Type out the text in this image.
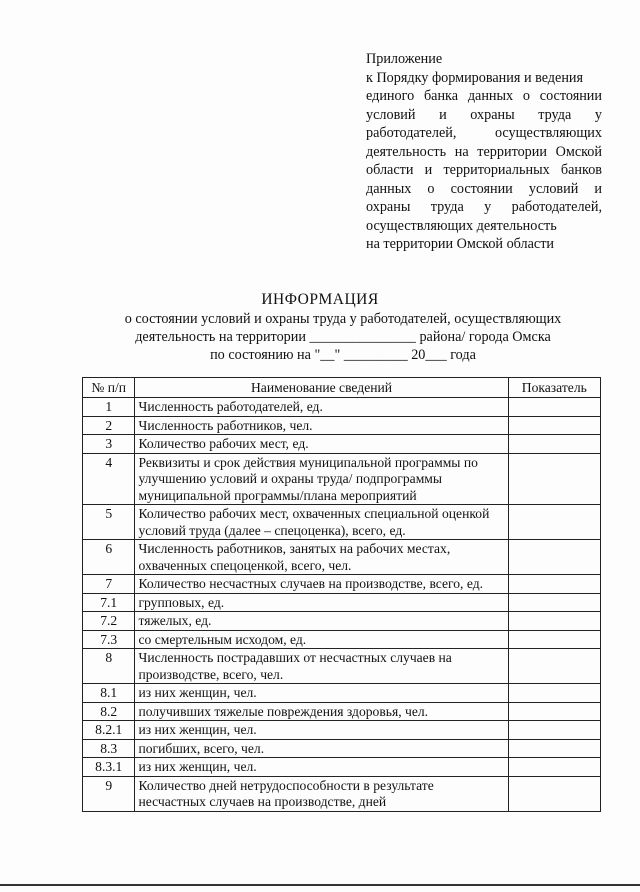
Приложение
к Порядку формирования и ведения
единого банка данных о состоянии
условий и охраны труда у
работодателей, осуществляющих
деятельность на территории Омской
области и территориальных банков
данных о состоянии условий и
охраны труда у работодателей,
осуществляющих деятельность
на территории Омской области
ИНФОРМАЦИЯ
о состоянии условий и охраны труда у работодателей, осуществляющих
деятельность на территории _______________ района/ города Омска
по состоянию на "__" _________ 20___ года
№ п/п	Наименование сведений	Показатель
1	Численность работодателей, ед.	
2	Численность работников, чел.	
3	Количество рабочих мест, ед.	
4	Реквизиты и срок действия муниципальной программы по улучшению условий и охраны труда/ подпрограммы муниципальной программы/плана мероприятий	
5	Количество рабочих мест, охваченных специальной оценкой условий труда (далее – спецоценка), всего, ед.	
6	Численность работников, занятых на рабочих местах, охваченных спецоценкой, всего, чел.	
7	Количество несчастных случаев на производстве, всего, ед.	
7.1	групповых, ед.	
7.2	тяжелых, ед.	
7.3	со смертельным исходом, ед.	
8	Численность пострадавших от несчастных случаев на производстве, всего, чел.	
8.1	из них женщин, чел.	
8.2	получивших тяжелые повреждения здоровья, чел.	
8.2.1	из них женщин, чел.	
8.3	погибших, всего, чел.	
8.3.1	из них женщин, чел.	
9	Количество дней нетрудоспособности в результате несчастных случаев на производстве, дней	
